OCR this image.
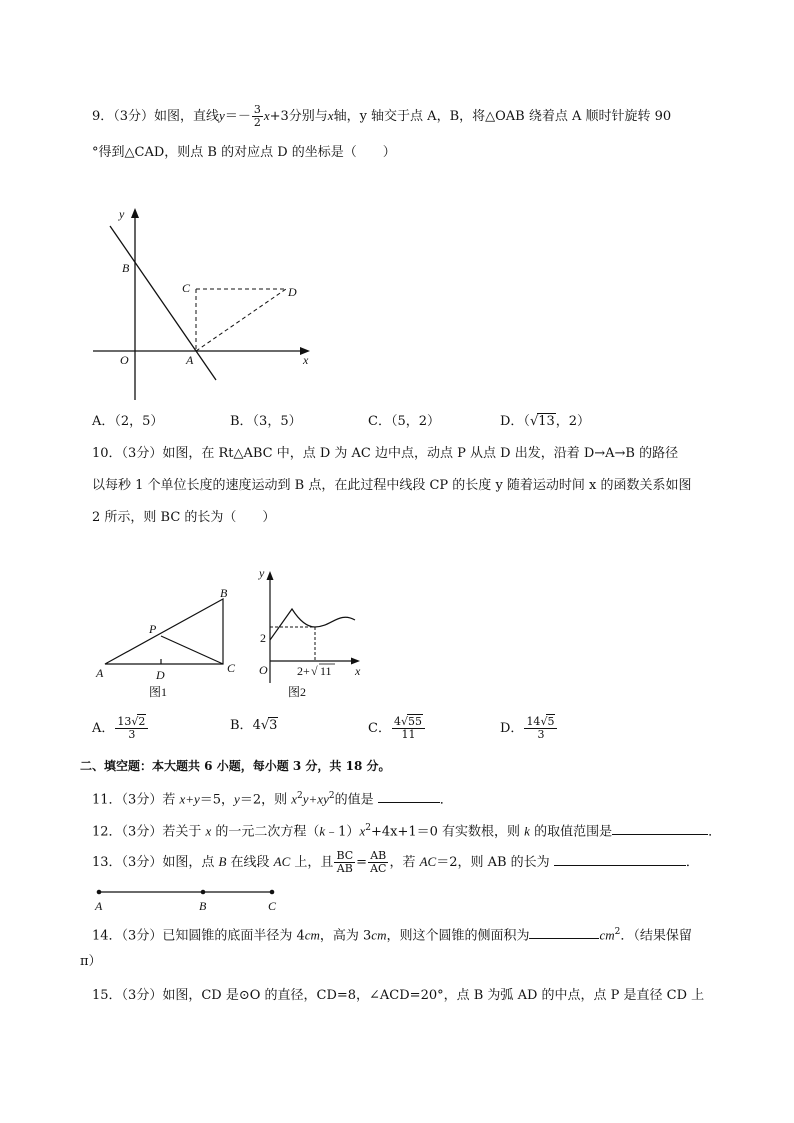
9．（3分）如图，直线$y=- \frac{3}{2} x+3$分别与x轴，y 轴交于点 A，B，将△OAB 绕着点 A 顺时针旋转 90
°得到△CAD，则点 B 的对应点 D 的坐标是（　　）
y
B
C	D
O	A	x
A．（2，5）	B．（3，5）	C．（5，2）	D．（√13，2）
10．（3分）如图，在 Rt△ABC 中，点 D 为 AC 边中点，动点 P 从点 D 出发，沿着 D→A→B 的路径
以每秒 1 个单位长度的速度运动到 B 点，在此过程中线段 CP 的长度 y 随着运动时间 x 的函数关系如图
2 所示，则 BC 的长为（　　）
A
B
C
D
P
图1
y
x
O
2
2+ √ 11
图2
A． $\frac{13√2}{3}$	B．4√3	C． $\frac{4√55}{11}$	D． $\frac{14√5}{3}$
二、填空题：本大题共 6 小题，每小题 3 分，共 18 分。
11．（3分）若 x+y＝5，y＝2，则 $x^2y+xy^2$的值是	．
12．（3分）若关于 x 的一元二次方程$(k﹣1)x^2+4x+1=0$ 有实数根，则 k 的取值范围是	．
13．（3分）如图，点 B 在线段 AC 上，且 $\frac{BC}{AB} = \frac{AB}{AC}$ ，若 AC＝2，则 AB 的长为	．
A	B	C
14．（3分）已知圆锥的底面半径为 4cm，高为 3cm，则这个圆锥的侧面积为	$cm^2$．（结果保留
π）
15．（3分）如图，CD 是⊙O 的直径，CD=8，∠ACD=20°，点 B 为弧 AD 的中点，点 P 是直径 CD 上
